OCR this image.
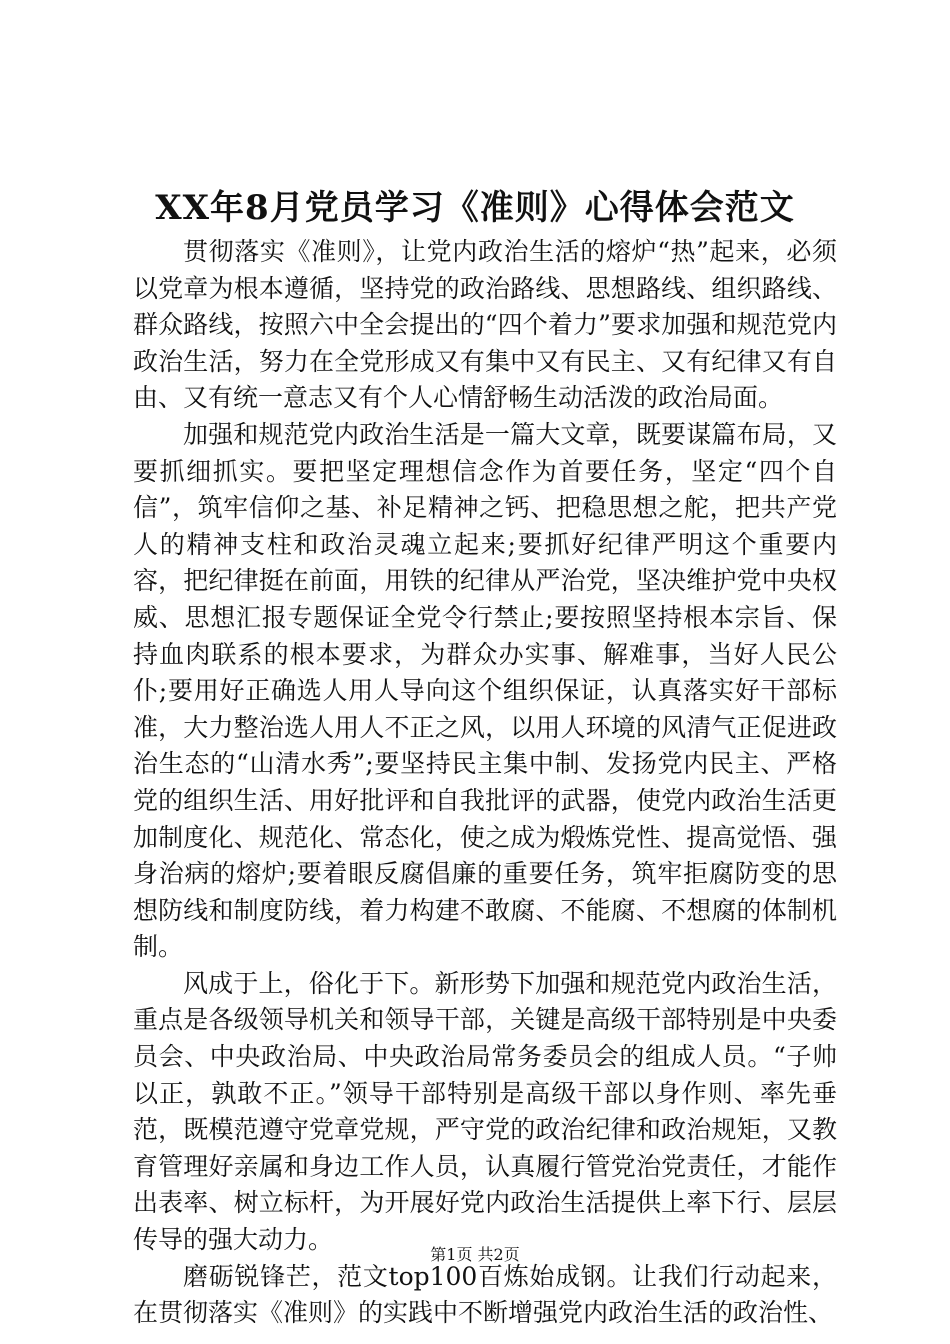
XX年8月党员学习《准则》心得体会范文

贯彻落实《准则》，让党内政治生活的熔炉“热”起来，必须以党章为根本遵循，坚持党的政治路线、思想路线、组织路线、群众路线，按照六中全会提出的“四个着力”要求加强和规范党内政治生活，努力在全党形成又有集中又有民主、又有纪律又有自由、又有统一意志又有个人心情舒畅生动活泼的政治局面。

加强和规范党内政治生活是一篇大文章，既要谋篇布局，又要抓细抓实。要把坚定理想信念作为首要任务，坚定“四个自信”，筑牢信仰之基、补足精神之钙、把稳思想之舵，把共产党人的精神支柱和政治灵魂立起来;要抓好纪律严明这个重要内容，把纪律挺在前面，用铁的纪律从严治党，坚决维护党中央权威、思想汇报专题保证全党令行禁止;要按照坚持根本宗旨、保持血肉联系的根本要求，为群众办实事、解难事，当好人民公仆;要用好正确选人用人导向这个组织保证，认真落实好干部标准，大力整治选人用人不正之风，以用人环境的风清气正促进政治生态的“山清水秀”;要坚持民主集中制、发扬党内民主、严格党的组织生活、用好批评和自我批评的武器，使党内政治生活更加制度化、规范化、常态化，使之成为煅炼党性、提高觉悟、强身治病的熔炉;要着眼反腐倡廉的重要任务，筑牢拒腐防变的思想防线和制度防线，着力构建不敢腐、不能腐、不想腐的体制机制。

风成于上，俗化于下。新形势下加强和规范党内政治生活，重点是各级领导机关和领导干部，关键是高级干部特别是中央委员会、中央政治局、中央政治局常务委员会的组成人员。“子帅以正，孰敢不正。”领导干部特别是高级干部以身作则、率先垂范，既模范遵守党章党规，严守党的政治纪律和政治规矩，又教育管理好亲属和身边工作人员，认真履行管党治党责任，才能作出表率、树立标杆，为开展好党内政治生活提供上率下行、层层传导的强大动力。

磨砺锐锋芒，范文top100百炼始成钢。让我们行动起来，在贯彻落实《准则》的实践中不断增强党内政治生活的政治性、

第1页 共2页
